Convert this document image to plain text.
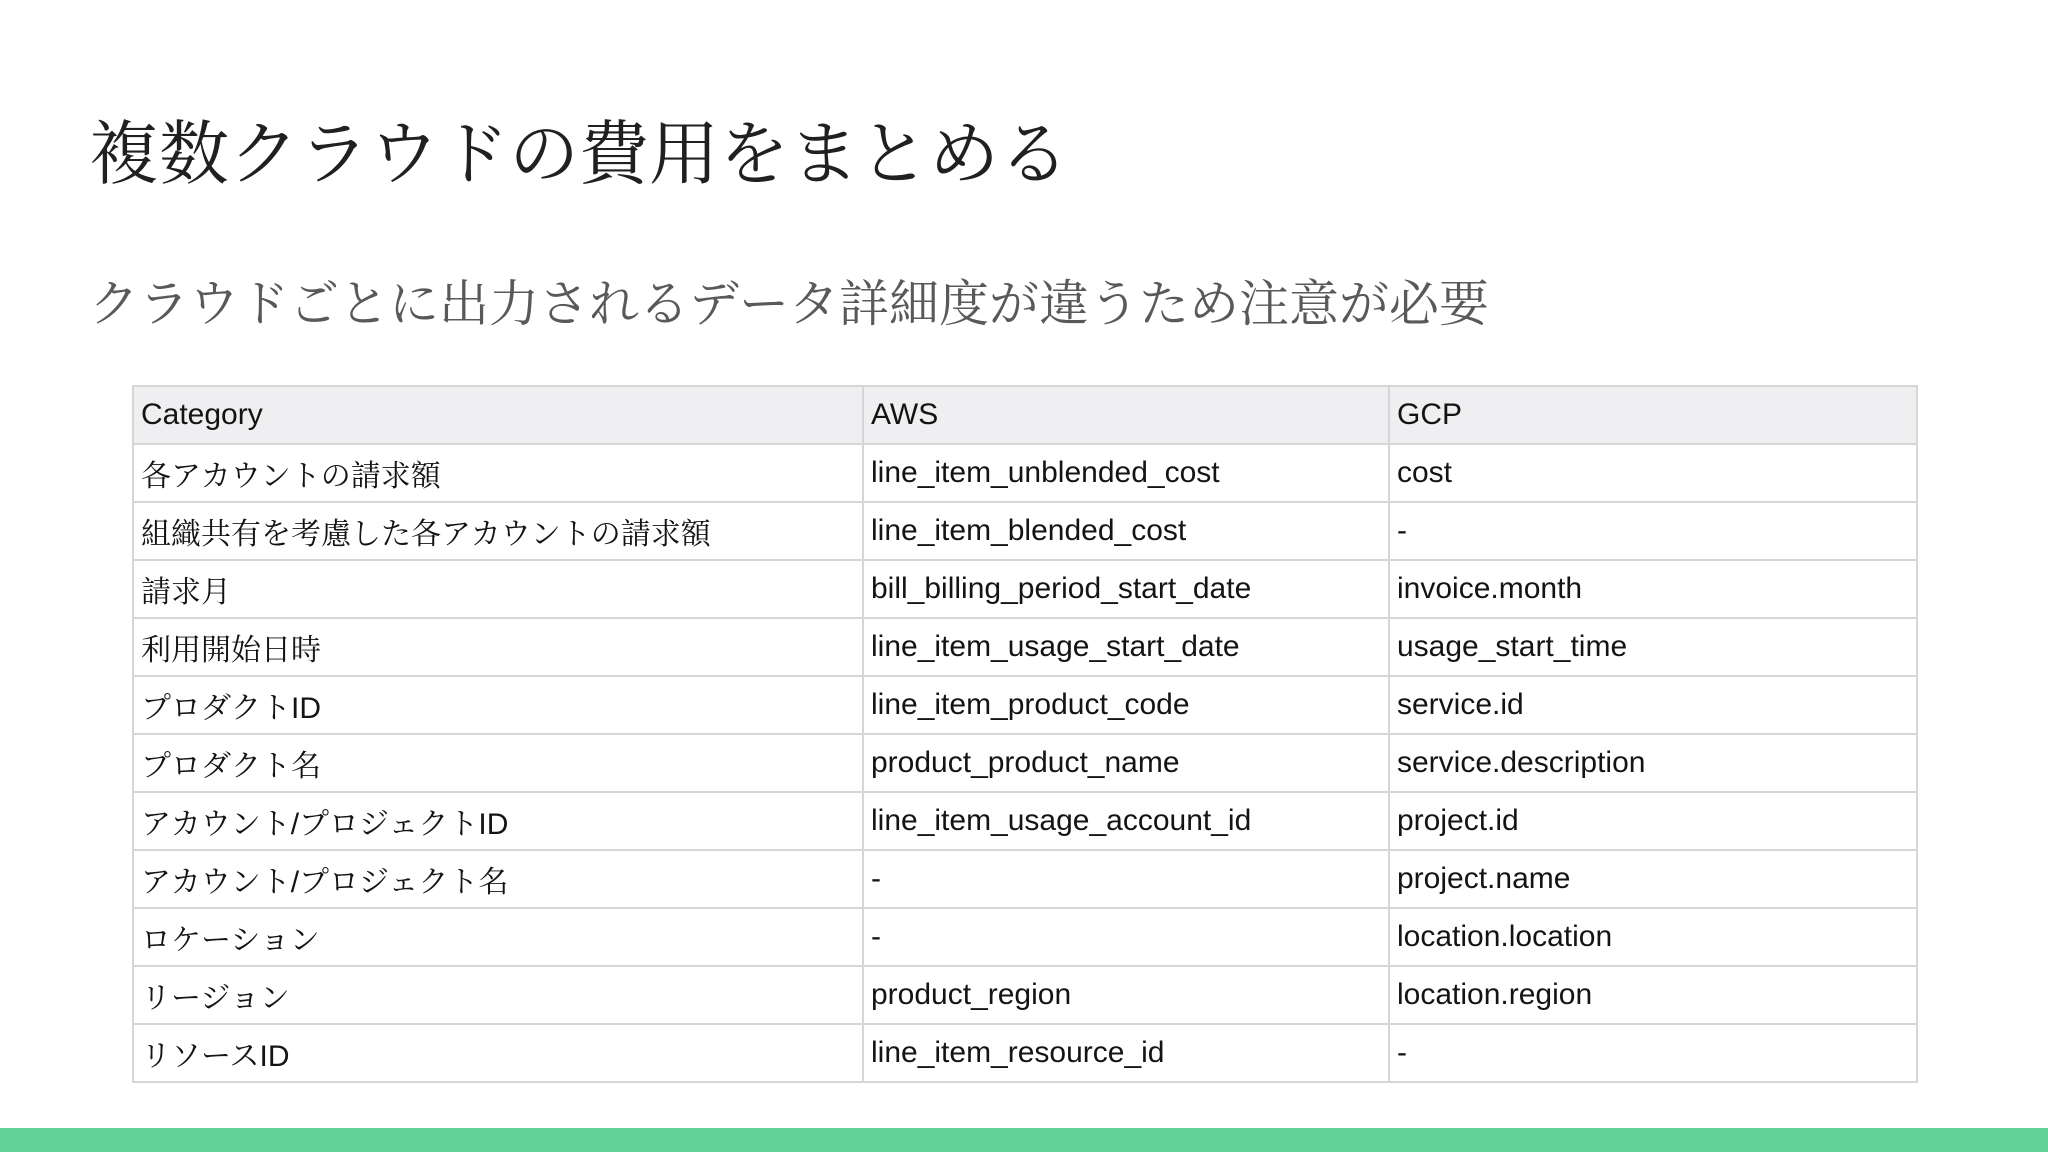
複数クラウドの費用をまとめる
クラウドごとに出力されるデータ詳細度が違うため注意が必要
Category	AWS	GCP
各アカウントの請求額	line_item_unblended_cost	cost
組織共有を考慮した各アカウントの請求額	line_item_blended_cost	-
請求月	bill_billing_period_start_date	invoice.month
利用開始日時	line_item_usage_start_date	usage_start_time
プロダクトID	line_item_product_code	service.id
プロダクト名	product_product_name	service.description
アカウント/プロジェクトID	line_item_usage_account_id	project.id
アカウント/プロジェクト名	-	project.name
ロケーション	-	location.location
リージョン	product_region	location.region
リソースID	line_item_resource_id	-
